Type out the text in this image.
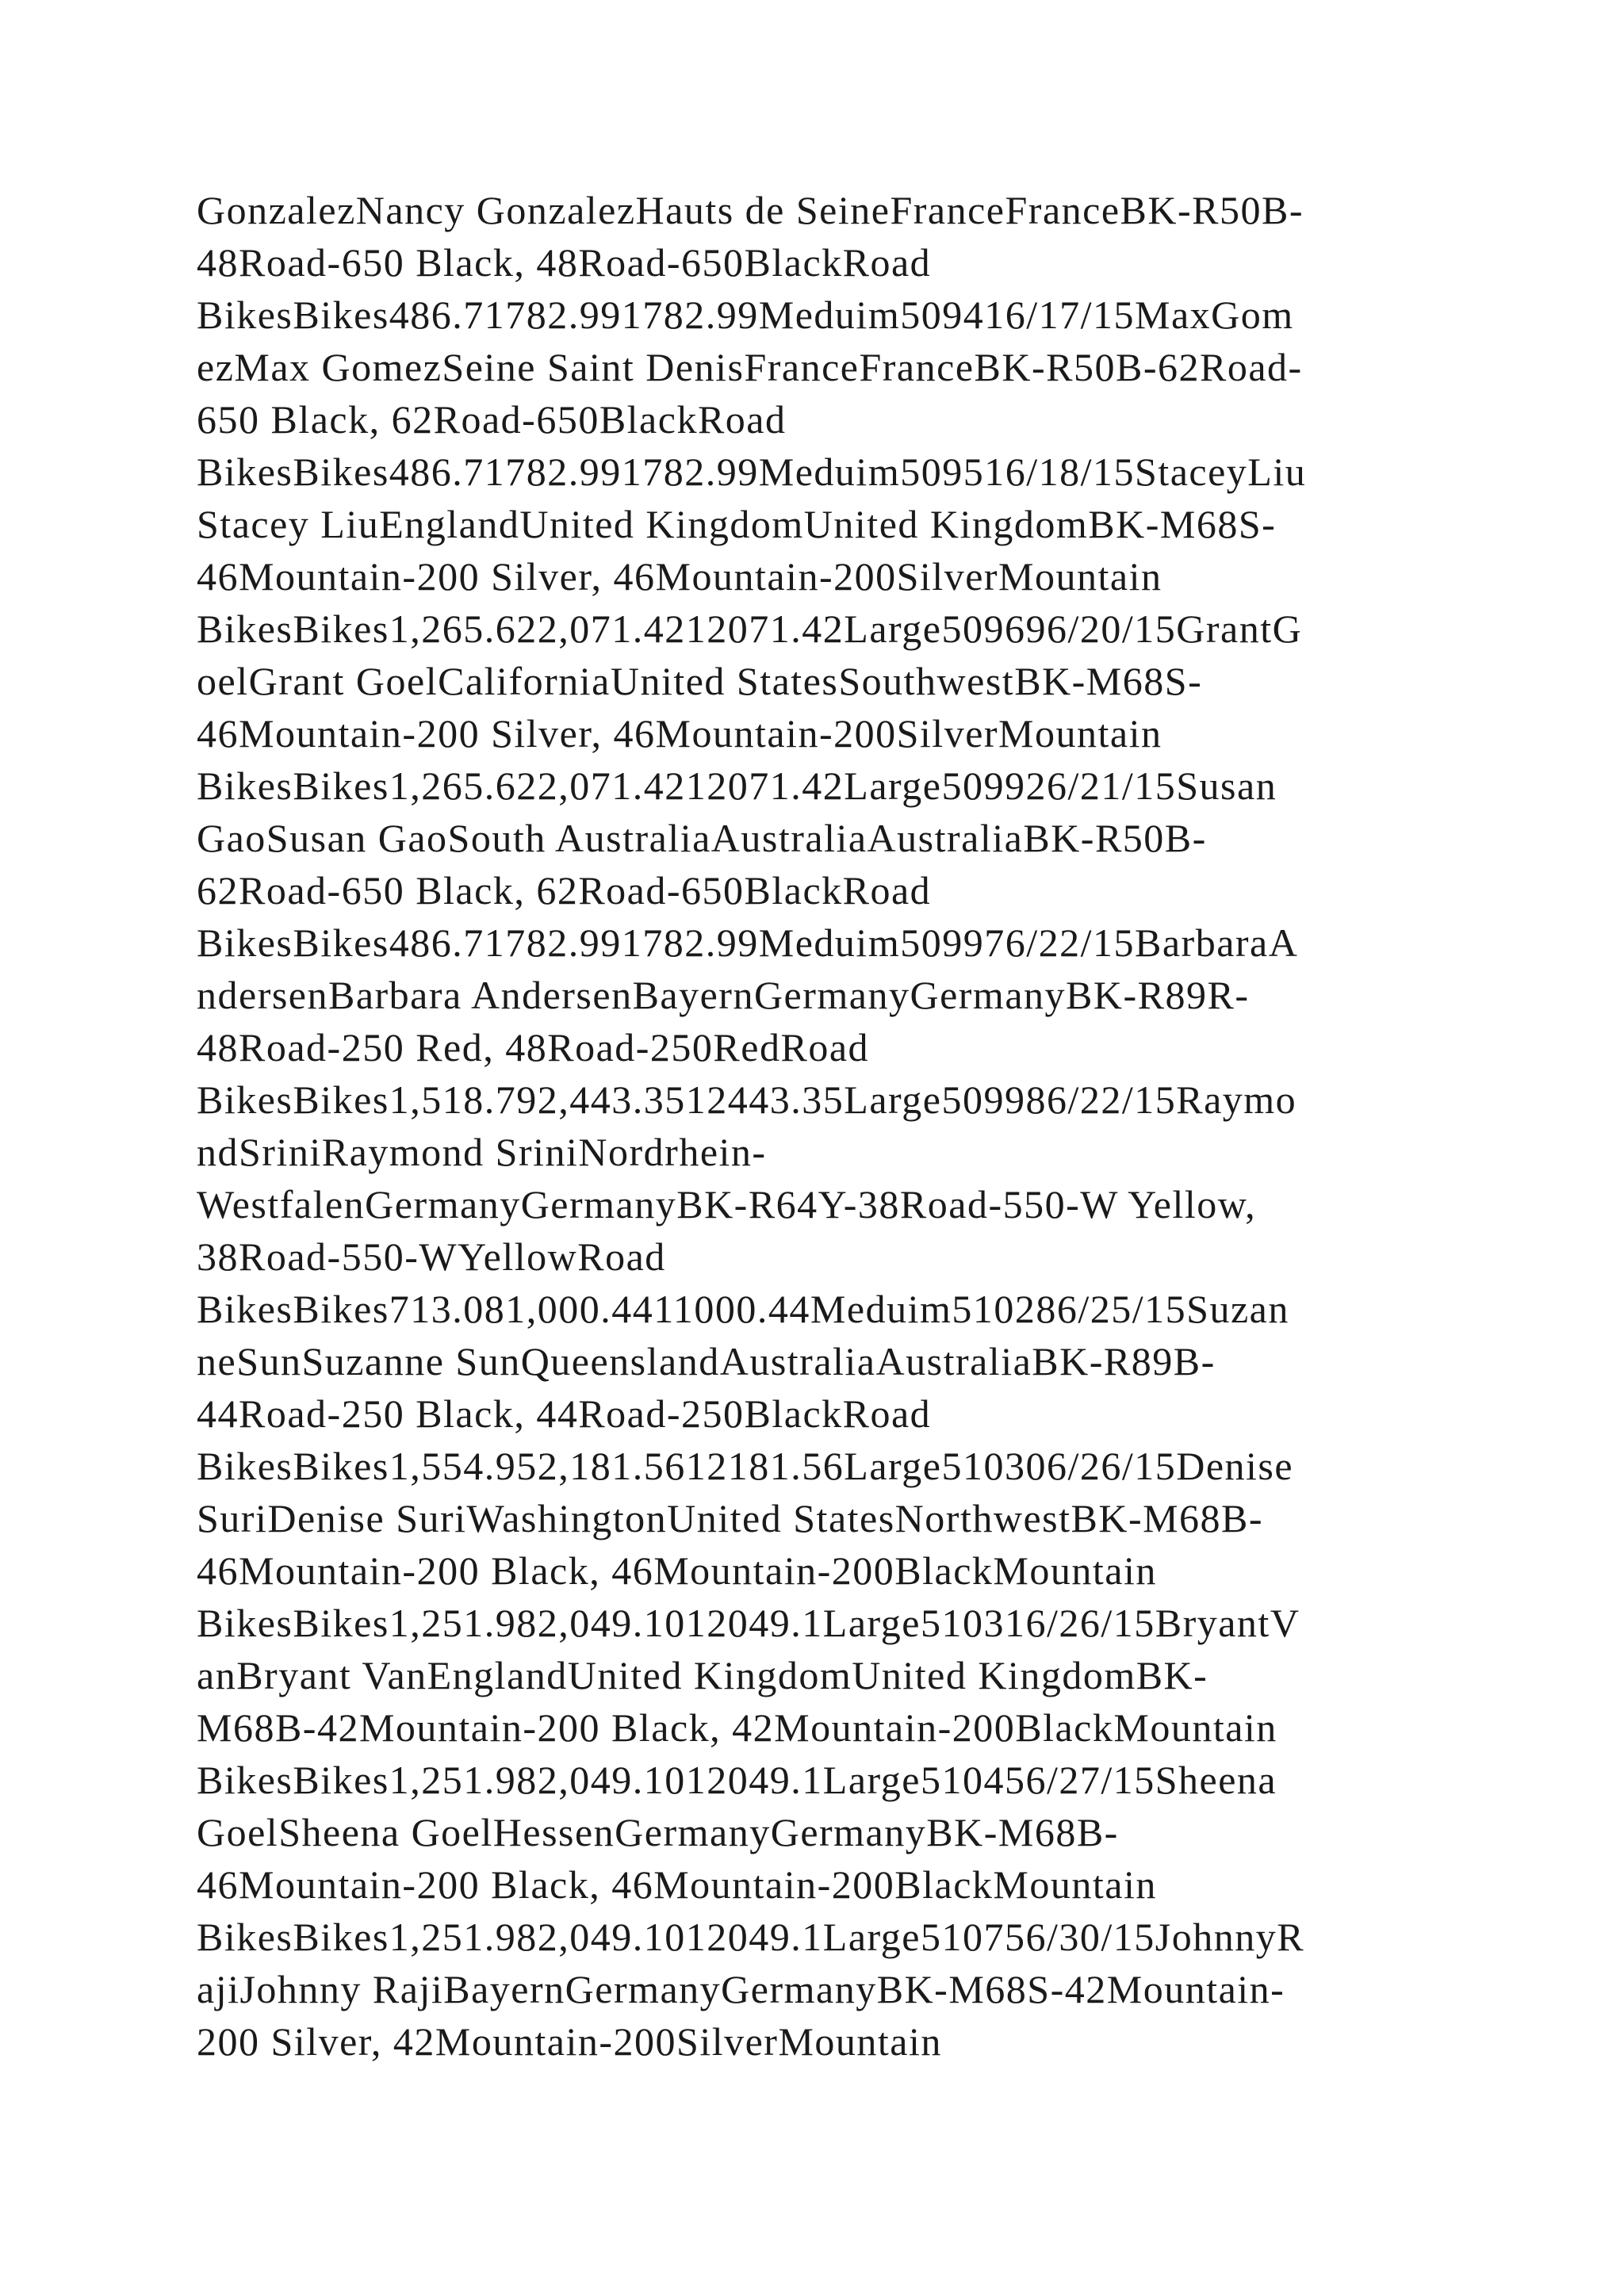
GonzalezNancy GonzalezHauts de SeineFranceFranceBK-R50B-
48Road-650 Black, 48Road-650BlackRoad
BikesBikes486.71782.991782.99Meduim509416/17/15MaxGom
ezMax GomezSeine Saint DenisFranceFranceBK-R50B-62Road-
650 Black, 62Road-650BlackRoad
BikesBikes486.71782.991782.99Meduim509516/18/15StaceyLiu
Stacey LiuEnglandUnited KingdomUnited KingdomBK-M68S-
46Mountain-200 Silver, 46Mountain-200SilverMountain
BikesBikes1,265.622,071.4212071.42Large509696/20/15GrantG
oelGrant GoelCaliforniaUnited StatesSouthwestBK-M68S-
46Mountain-200 Silver, 46Mountain-200SilverMountain
BikesBikes1,265.622,071.4212071.42Large509926/21/15Susan
GaoSusan GaoSouth AustraliaAustraliaAustraliaBK-R50B-
62Road-650 Black, 62Road-650BlackRoad
BikesBikes486.71782.991782.99Meduim509976/22/15BarbaraA
ndersenBarbara AndersenBayernGermanyGermanyBK-R89R-
48Road-250 Red, 48Road-250RedRoad
BikesBikes1,518.792,443.3512443.35Large509986/22/15Raymo
ndSriniRaymond SriniNordrhein-
WestfalenGermanyGermanyBK-R64Y-38Road-550-W Yellow,
38Road-550-WYellowRoad
BikesBikes713.081,000.4411000.44Meduim510286/25/15Suzan
neSunSuzanne SunQueenslandAustraliaAustraliaBK-R89B-
44Road-250 Black, 44Road-250BlackRoad
BikesBikes1,554.952,181.5612181.56Large510306/26/15Denise
SuriDenise SuriWashingtonUnited StatesNorthwestBK-M68B-
46Mountain-200 Black, 46Mountain-200BlackMountain
BikesBikes1,251.982,049.1012049.1Large510316/26/15BryantV
anBryant VanEnglandUnited KingdomUnited KingdomBK-
M68B-42Mountain-200 Black, 42Mountain-200BlackMountain
BikesBikes1,251.982,049.1012049.1Large510456/27/15Sheena
GoelSheena GoelHessenGermanyGermanyBK-M68B-
46Mountain-200 Black, 46Mountain-200BlackMountain
BikesBikes1,251.982,049.1012049.1Large510756/30/15JohnnyR
ajiJohnny RajiBayernGermanyGermanyBK-M68S-42Mountain-
200 Silver, 42Mountain-200SilverMountain
